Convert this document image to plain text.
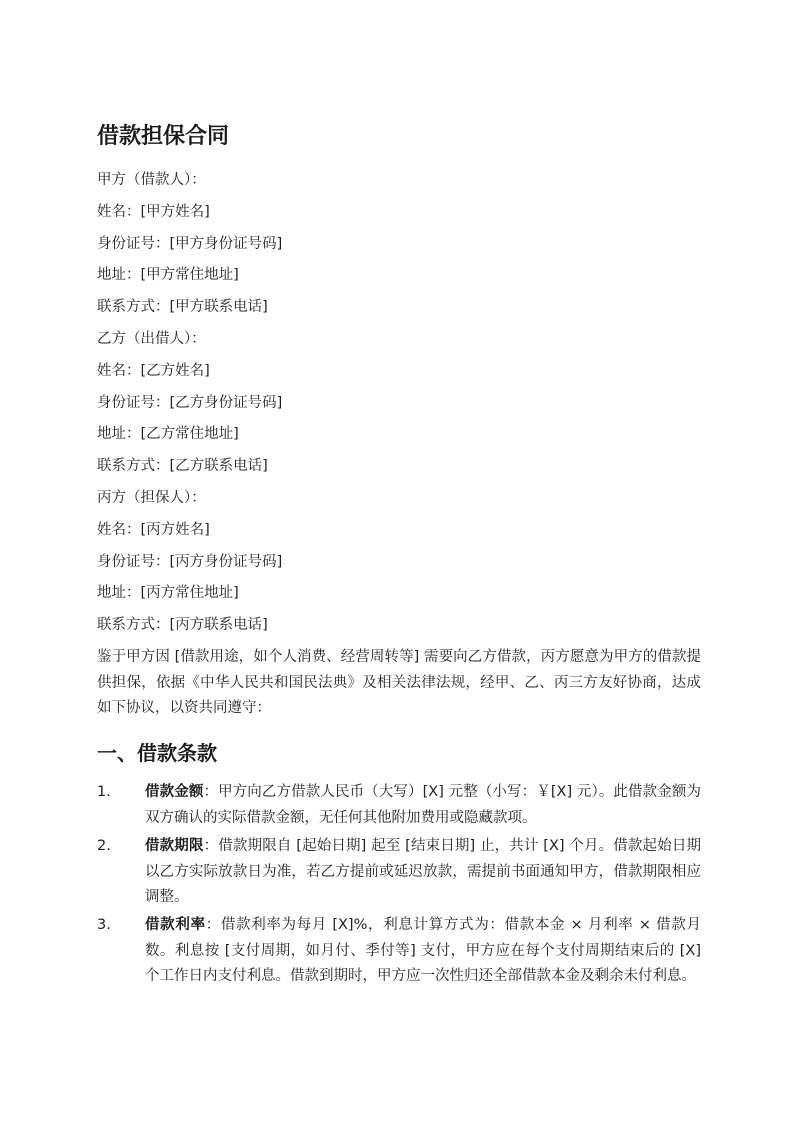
借款担保合同
甲方（借款人）：
姓名：[甲方姓名]
身份证号：[甲方身份证号码]
地址：[甲方常住地址]
联系方式：[甲方联系电话]
乙方（出借人）：
姓名：[乙方姓名]
身份证号：[乙方身份证号码]
地址：[乙方常住地址]
联系方式：[乙方联系电话]
丙方（担保人）：
姓名：[丙方姓名]
身份证号：[丙方身份证号码]
地址：[丙方常住地址]
联系方式：[丙方联系电话]

鉴于甲方因 [借款用途，如个人消费、经营周转等] 需要向乙方借款，丙方愿意为甲方的借款提供担保，依据《中华人民共和国民法典》及相关法律法规，经甲、乙、丙三方友好协商，达成如下协议，以资共同遵守：

一、借款条款
1. 借款金额：甲方向乙方借款人民币（大写）[X] 元整（小写：￥[X] 元）。此借款金额为双方确认的实际借款金额，无任何其他附加费用或隐藏款项。
2. 借款期限：借款期限自 [起始日期] 起至 [结束日期] 止，共计 [X] 个月。借款起始日期以乙方实际放款日为准，若乙方提前或延迟放款，需提前书面通知甲方，借款期限相应调整。
3. 借款利率：借款利率为每月 [X]%，利息计算方式为：借款本金 × 月利率 × 借款月数。利息按 [支付周期，如月付、季付等] 支付，甲方应在每个支付周期结束后的 [X] 个工作日内支付利息。借款到期时，甲方应一次性归还全部借款本金及剩余未付利息。
